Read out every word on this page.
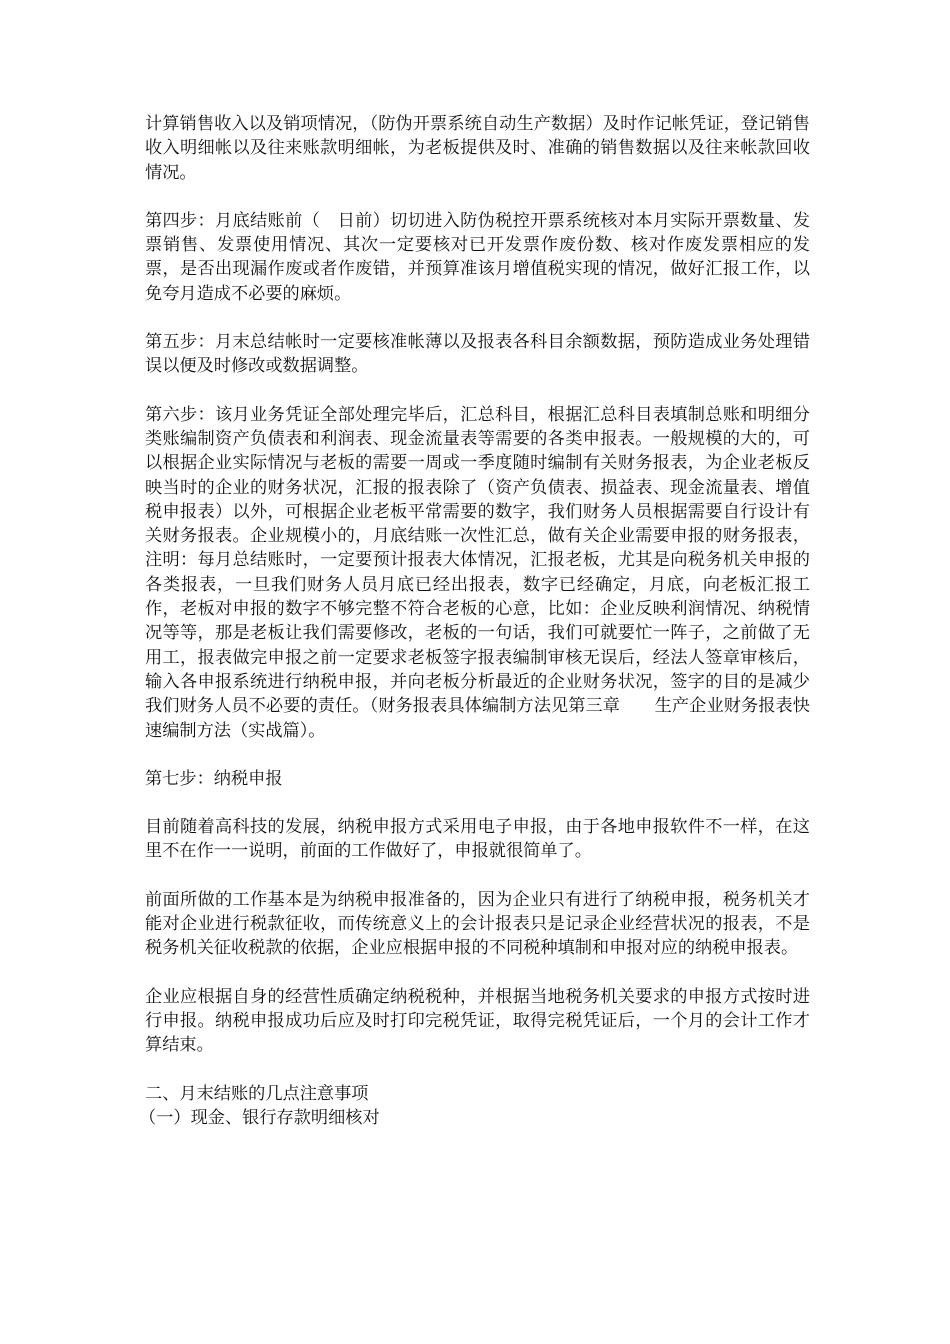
计算销售收入以及销项情况，（防伪开票系统自动生产数据）及时作记帐凭证，登记销售收入明细帐以及往来账款明细帐，为老板提供及时、准确的销售数据以及往来帐款回收情况。

第四步：月底结账前（　日前）切切进入防伪税控开票系统核对本月实际开票数量、发票销售、发票使用情况、其次一定要核对已开发票作废份数、核对作废发票相应的发票，是否出现漏作废或者作废错，并预算准该月增值税实现的情况，做好汇报工作，以免夸月造成不必要的麻烦。

第五步：月末总结帐时一定要核准帐薄以及报表各科目余额数据，预防造成业务处理错误以便及时修改或数据调整。

第六步：该月业务凭证全部处理完毕后，汇总科目，根据汇总科目表填制总账和明细分类账编制资产负债表和利润表、现金流量表等需要的各类申报表。一般规模的大的，可以根据企业实际情况与老板的需要一周或一季度随时编制有关财务报表，为企业老板反映当时的企业的财务状况，汇报的报表除了（资产负债表、损益表、现金流量表、增值税申报表）以外，可根据企业老板平常需要的数字，我们财务人员根据需要自行设计有关财务报表。企业规模小的，月底结账一次性汇总，做有关企业需要申报的财务报表，注明：每月总结账时，一定要预计报表大体情况，汇报老板，尤其是向税务机关申报的各类报表，一旦我们财务人员月底已经出报表，数字已经确定，月底，向老板汇报工作，老板对申报的数字不够完整不符合老板的心意，比如：企业反映利润情况、纳税情况等等，那是老板让我们需要修改，老板的一句话，我们可就要忙一阵子，之前做了无用工，报表做完申报之前一定要求老板签字报表编制审核无误后，经法人签章审核后，输入各申报系统进行纳税申报，并向老板分析最近的企业财务状况，签字的目的是减少我们财务人员不必要的责任。（财务报表具体编制方法见第三章　　生产企业财务报表快速编制方法（实战篇）。

第七步：纳税申报

目前随着高科技的发展，纳税申报方式采用电子申报，由于各地申报软件不一样，在这里不在作一一说明，前面的工作做好了，申报就很简单了。

前面所做的工作基本是为纳税申报准备的，因为企业只有进行了纳税申报，税务机关才能对企业进行税款征收，而传统意义上的会计报表只是记录企业经营状况的报表，不是税务机关征收税款的依据，企业应根据申报的不同税种填制和申报对应的纳税申报表。

企业应根据自身的经营性质确定纳税税种，并根据当地税务机关要求的申报方式按时进行申报。纳税申报成功后应及时打印完税凭证，取得完税凭证后，一个月的会计工作才算结束。

二、月末结账的几点注意事项

（一）现金、银行存款明细核对
